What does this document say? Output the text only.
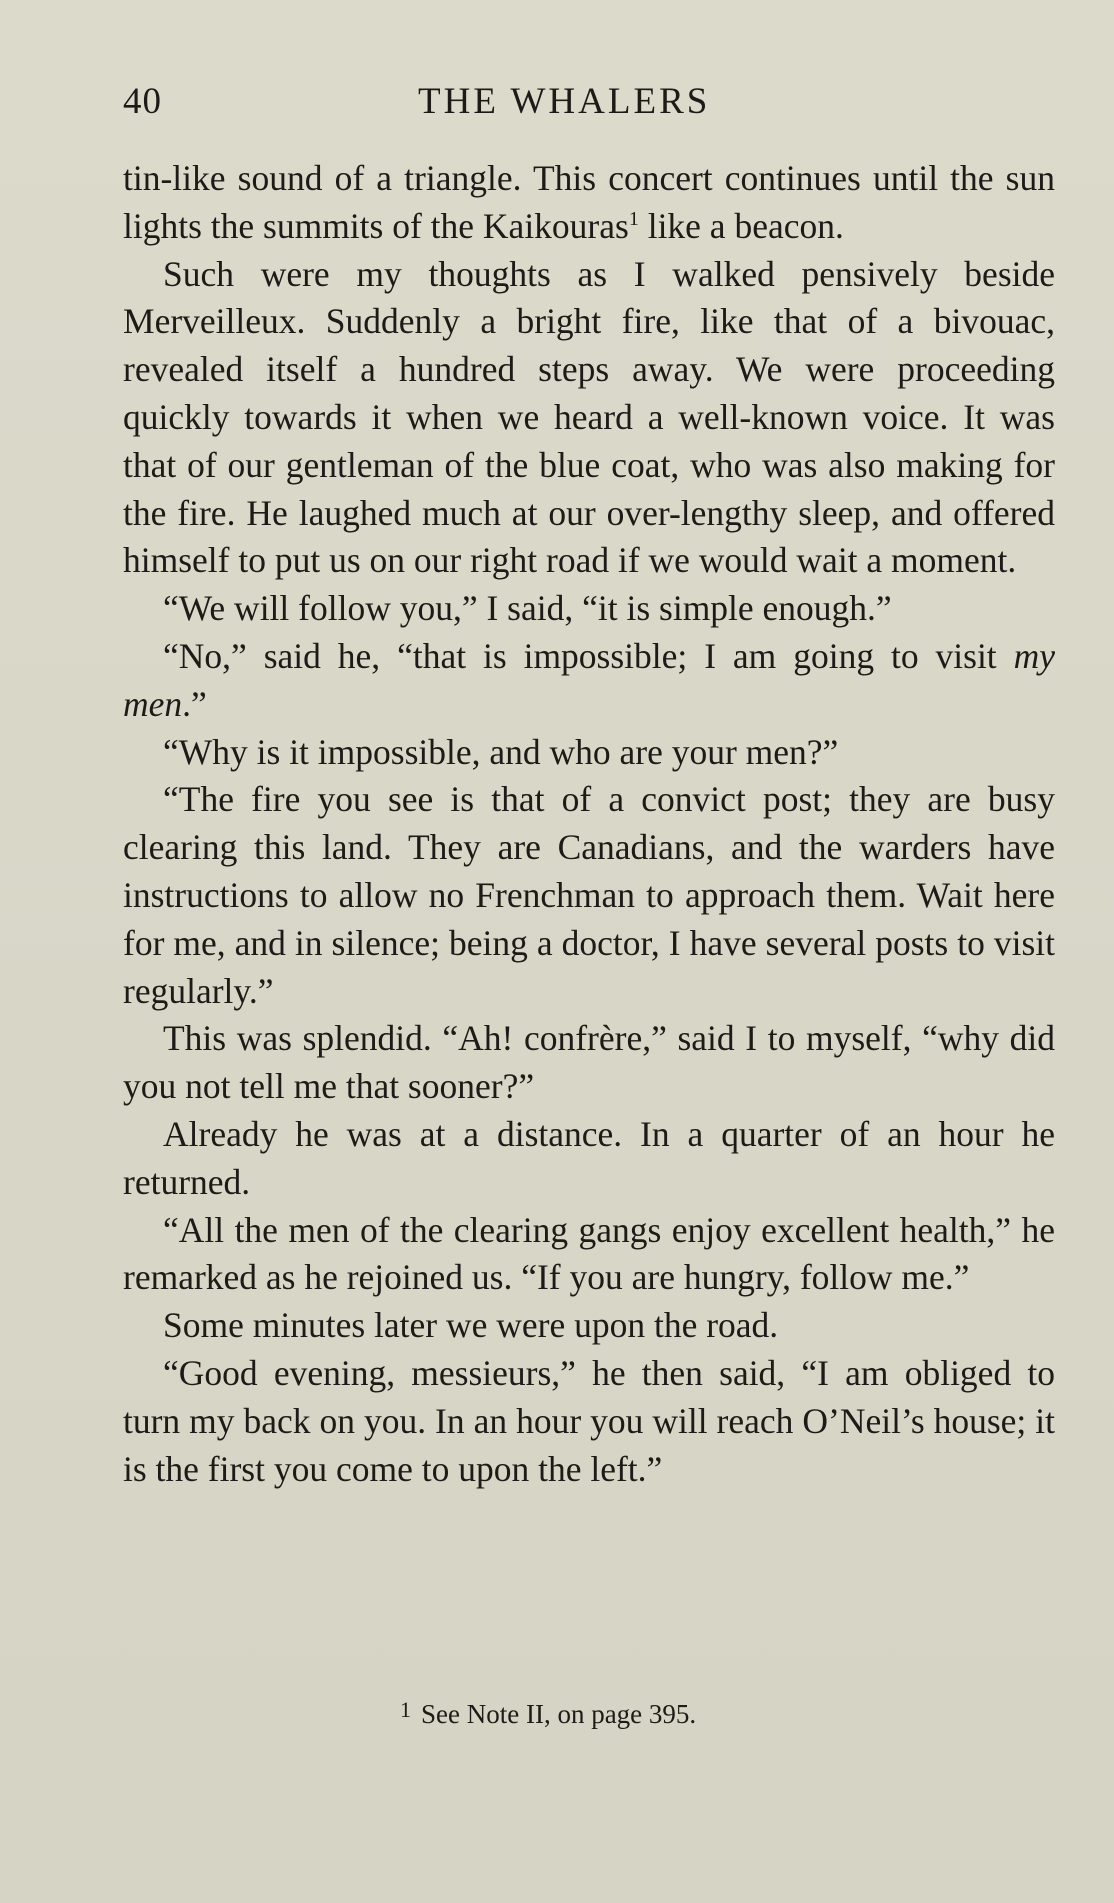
40	THE WHALERS

tin-like sound of a triangle. This concert continues until the sun lights the summits of the Kaikouras$^1$ like a beacon.

Such were my thoughts as I walked pensively beside Merveilleux. Suddenly a bright fire, like that of a bivouac, revealed itself a hundred steps away. We were proceeding quickly towards it when we heard a well-known voice. It was that of our gentleman of the blue coat, who was also making for the fire. He laughed much at our over-lengthy sleep, and offered himself to put us on our right road if we would wait a moment.

“We will follow you,” I said, “it is simple enough.”

“No,” said he, “that is impossible; I am going to visit my men.”

“Why is it impossible, and who are your men?”

“The fire you see is that of a convict post; they are busy clearing this land. They are Canadians, and the warders have instructions to allow no Frenchman to approach them. Wait here for me, and in silence; being a doctor, I have several posts to visit regularly.”

This was splendid. “Ah! confrère,” said I to myself, “why did you not tell me that sooner?”

Already he was at a distance. In a quarter of an hour he returned.

“All the men of the clearing gangs enjoy excellent health,” he remarked as he rejoined us. “If you are hungry, follow me.”

Some minutes later we were upon the road.

“Good evening, messieurs,” he then said, “I am obliged to turn my back on you. In an hour you will reach O’Neil’s house; it is the first you come to upon the left.”

$^1$ See Note II, on page 395.
